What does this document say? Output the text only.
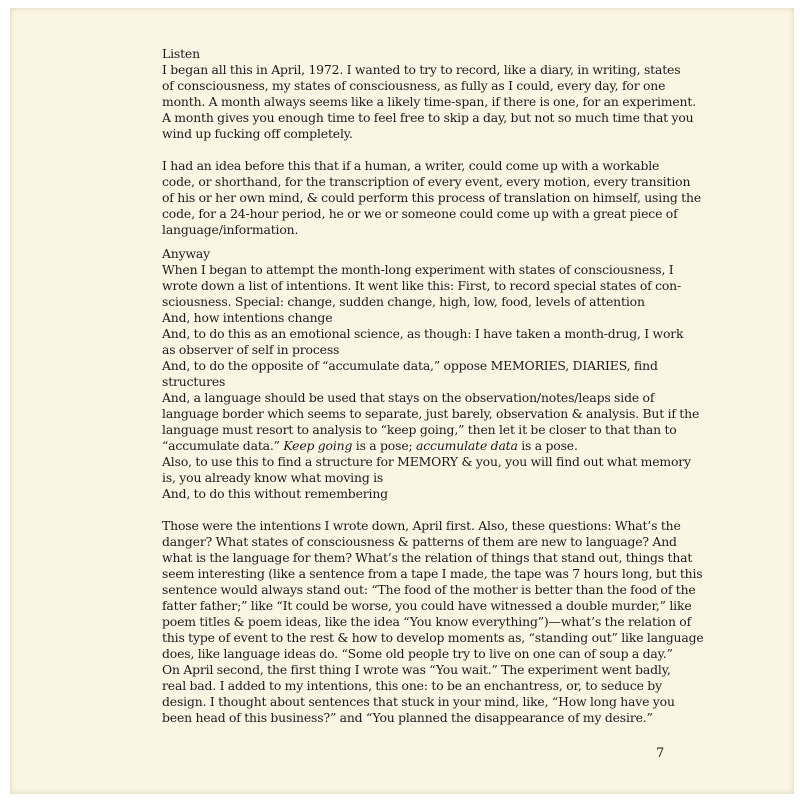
Listen
I began all this in April, 1972. I wanted to try to record, like a diary, in writing, states
of consciousness, my states of consciousness, as fully as I could, every day, for one
month. A month always seems like a likely time-span, if there is one, for an experiment.
A month gives you enough time to feel free to skip a day, but not so much time that you
wind up fucking off completely.
I had an idea before this that if a human, a writer, could come up with a workable
code, or shorthand, for the transcription of every event, every motion, every transition
of his or her own mind, & could perform this process of translation on himself, using the
code, for a 24-hour period, he or we or someone could come up with a great piece of
language/information.
Anyway
When I began to attempt the month-long experiment with states of consciousness, I
wrote down a list of intentions. It went like this: First, to record special states of con-
sciousness. Special: change, sudden change, high, low, food, levels of attention
And, how intentions change
And, to do this as an emotional science, as though: I have taken a month-drug, I work
as observer of self in process
And, to do the opposite of “accumulate data,” oppose MEMORIES, DIARIES, find
structures
And, a language should be used that stays on the observation/notes/leaps side of
language border which seems to separate, just barely, observation & analysis. But if the
language must resort to analysis to “keep going,” then let it be closer to that than to
“accumulate data.” Keep going is a pose; accumulate data is a pose.
Also, to use this to find a structure for MEMORY & you, you will find out what memory
is, you already know what moving is
And, to do this without remembering
Those were the intentions I wrote down, April first. Also, these questions: What’s the
danger? What states of consciousness & patterns of them are new to language? And
what is the language for them? What’s the relation of things that stand out, things that
seem interesting (like a sentence from a tape I made, the tape was 7 hours long, but this
sentence would always stand out: “The food of the mother is better than the food of the
fatter father;” like “It could be worse, you could have witnessed a double murder,” like
poem titles & poem ideas, like the idea “You know everything”)—what’s the relation of
this type of event to the rest & how to develop moments as, “standing out” like language
does, like language ideas do. “Some old people try to live on one can of soup a day.”
On April second, the first thing I wrote was “You wait.” The experiment went badly,
real bad. I added to my intentions, this one: to be an enchantress, or, to seduce by
design. I thought about sentences that stuck in your mind, like, “How long have you
been head of this business?” and “You planned the disappearance of my desire.”
7
